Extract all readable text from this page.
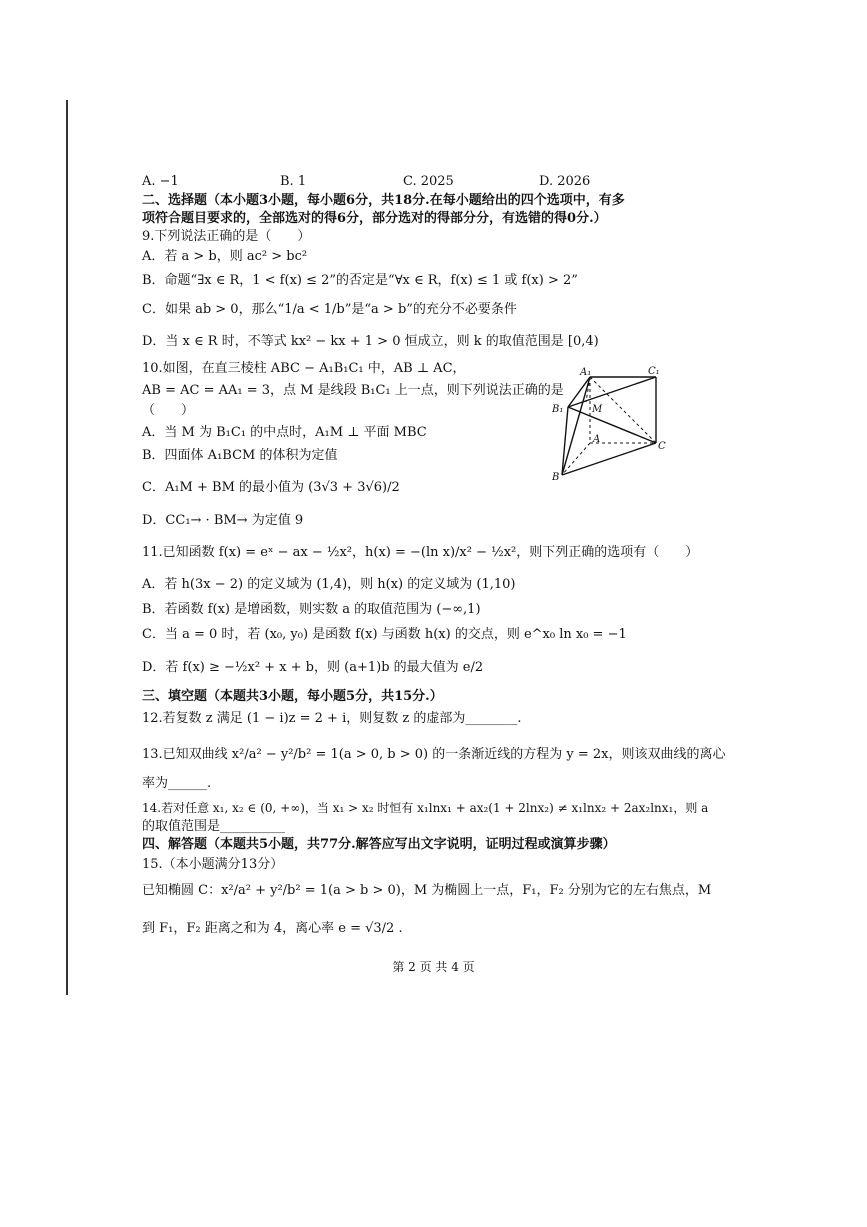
A. −1	B. 1	C. 2025	D. 2026
二、选择题（本小题3小题，每小题6分，共18分.在每小题给出的四个选项中，有多
项符合题目要求的，全部选对的得6分，部分选对的得部分分，有选错的得0分.）
9.下列说法正确的是（　　）
A．若 a > b，则 ac² > bc²
B．命题“∃x ∈ R，1 < f(x) ≤ 2”的否定是“∀x ∈ R，f(x) ≤ 1 或 f(x) > 2”
C．如果 ab > 0，那么“1/a < 1/b”是“a > b”的充分不必要条件
D．当 x ∈ R 时，不等式 kx² − kx + 1 > 0 恒成立，则 k 的取值范围是 [0,4)
10.如图，在直三棱柱 ABC − A₁B₁C₁ 中，AB ⊥ AC，
AB = AC = AA₁ = 3，点 M 是线段 B₁C₁ 上一点，则下列说法正确的是
（　　）
A．当 M 为 B₁C₁ 的中点时，A₁M ⊥ 平面 MBC
B．四面体 A₁BCM 的体积为定值
C．A₁M + BM 的最小值为 (3√3 + 3√6)/2
D．CC₁→ · BM→ 为定值 9
A₁	C₁
B₁	M
A
C
B
11.已知函数 f(x) = eˣ − ax − ½x²，h(x) = −(ln x)/x² − ½x²，则下列正确的选项有（　　）
A．若 h(3x − 2) 的定义域为 (1,4)，则 h(x) 的定义域为 (1,10)
B．若函数 f(x) 是增函数，则实数 a 的取值范围为 (−∞,1)
C．当 a = 0 时，若 (x₀, y₀) 是函数 f(x) 与函数 h(x) 的交点，则 e^x₀ ln x₀ = −1
D．若 f(x) ≥ −½x² + x + b，则 (a+1)b 的最大值为 e/2
三、填空题（本题共3小题，每小题5分，共15分.）
12.若复数 z 满足 (1 − i)z = 2 + i，则复数 z 的虚部为________.
13.已知双曲线 x²/a² − y²/b² = 1(a > 0, b > 0) 的一条渐近线的方程为 y = 2x，则该双曲线的离心
率为______.
14.若对任意 x₁, x₂ ∈ (0, +∞)，当 x₁ > x₂ 时恒有 x₁lnx₁ + ax₂(1 + 2lnx₂) ≠ x₁lnx₂ + 2ax₂lnx₁，则 a
的取值范围是__________
四、解答题（本题共5小题，共77分.解答应写出文字说明，证明过程或演算步骤）
15.（本小题满分13分）
已知椭圆 C：x²/a² + y²/b² = 1(a > b > 0)，M 为椭圆上一点，F₁，F₂ 分别为它的左右焦点，M
到 F₁，F₂ 距离之和为 4，离心率 e = √3/2 .
第 2 页 共 4 页
